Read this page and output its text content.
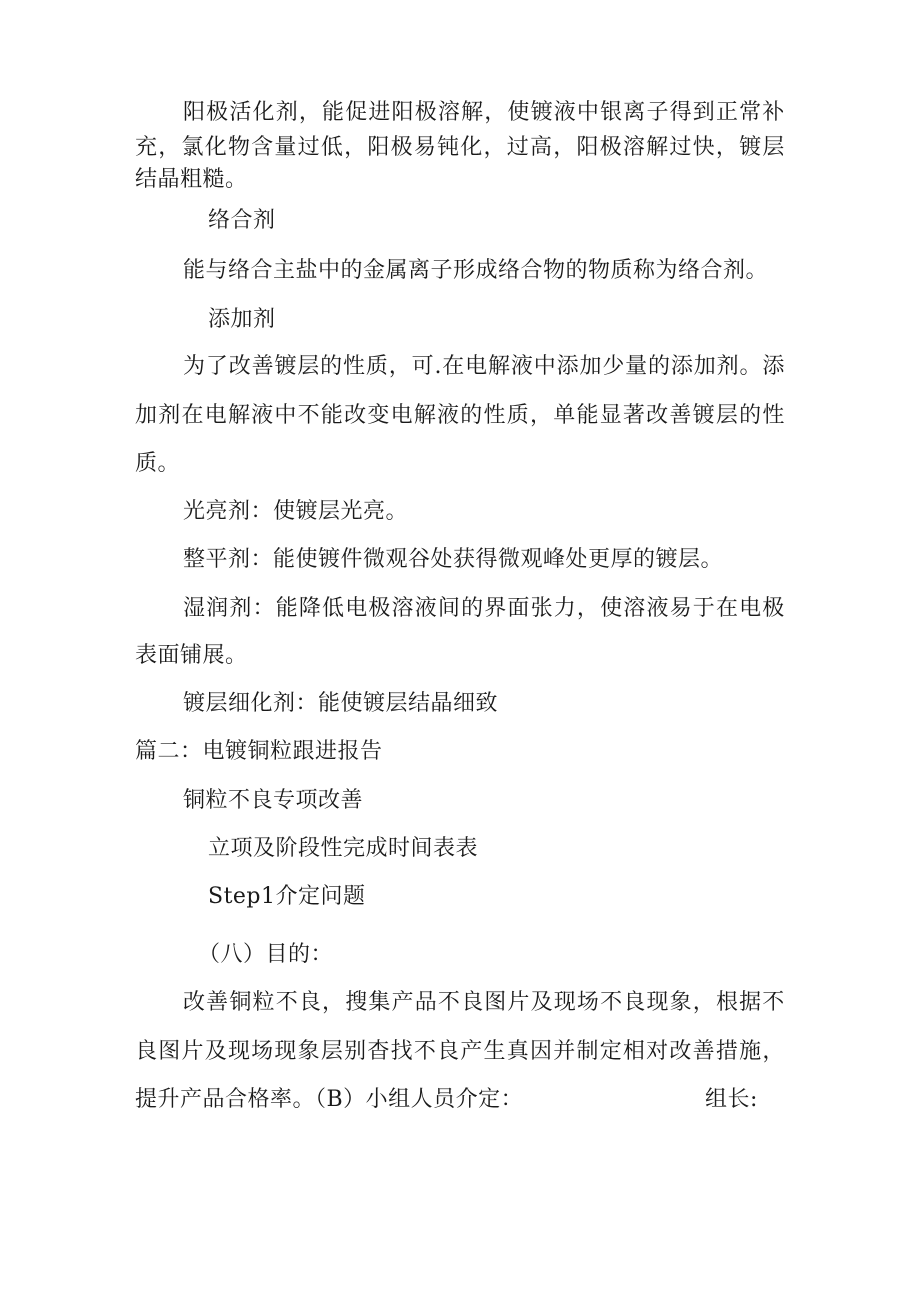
阳 极 活 化 剂 ， 能 促 进 阳 极 溶 解 ， 使 镀 液 中 银 离 子 得 到 正 常 补
充 ， 氯 化 物 含 量 过 低 ， 阳 极 易 钝 化 ， 过 高 ， 阳 极 溶 解 过 快 ， 镀 层
结晶粗糙。
络合剂
能与络合主盐中的金属离子形成络合物的物质称为络合剂。
添加剂
为 了 改 善 镀 层 的 性 质 ， 可 . 在 电 解 液 中 添 加 少 量 的 添 加 剂 。 添
加 剂 在 电 解 液 中 不 能 改 变 电 解 液 的 性 质 ， 单 能 显 著 改 善 镀 层 的 性
质。
光亮剂：使镀层光亮。
整平剂：能使镀件微观谷处获得微观峰处更厚的镀层。
湿 润 剂 ： 能 降 低 电 极 溶 液 间 的 界 面 张 力 ， 使 溶 液 易 于 在 电 极
表面铺展。
镀层细化剂：能使镀层结晶细致
篇二：电镀铜粒跟进报告
铜粒不良专项改善
立项及阶段性完成时间表表
Step1介定问题
（八）目的：
改 善 铜 粒 不 良 ， 搜 集 产 品 不 良 图 片 及 现 场 不 良 现 象 ， 根 据 不
良 图 片 及 现 场 现 象 层 别 杳 找 不 良 产 生 真 因 并 制 定 相 对 改 善 措 施 ，
提升产品合格率。（B）小组人员介定：	组长:
